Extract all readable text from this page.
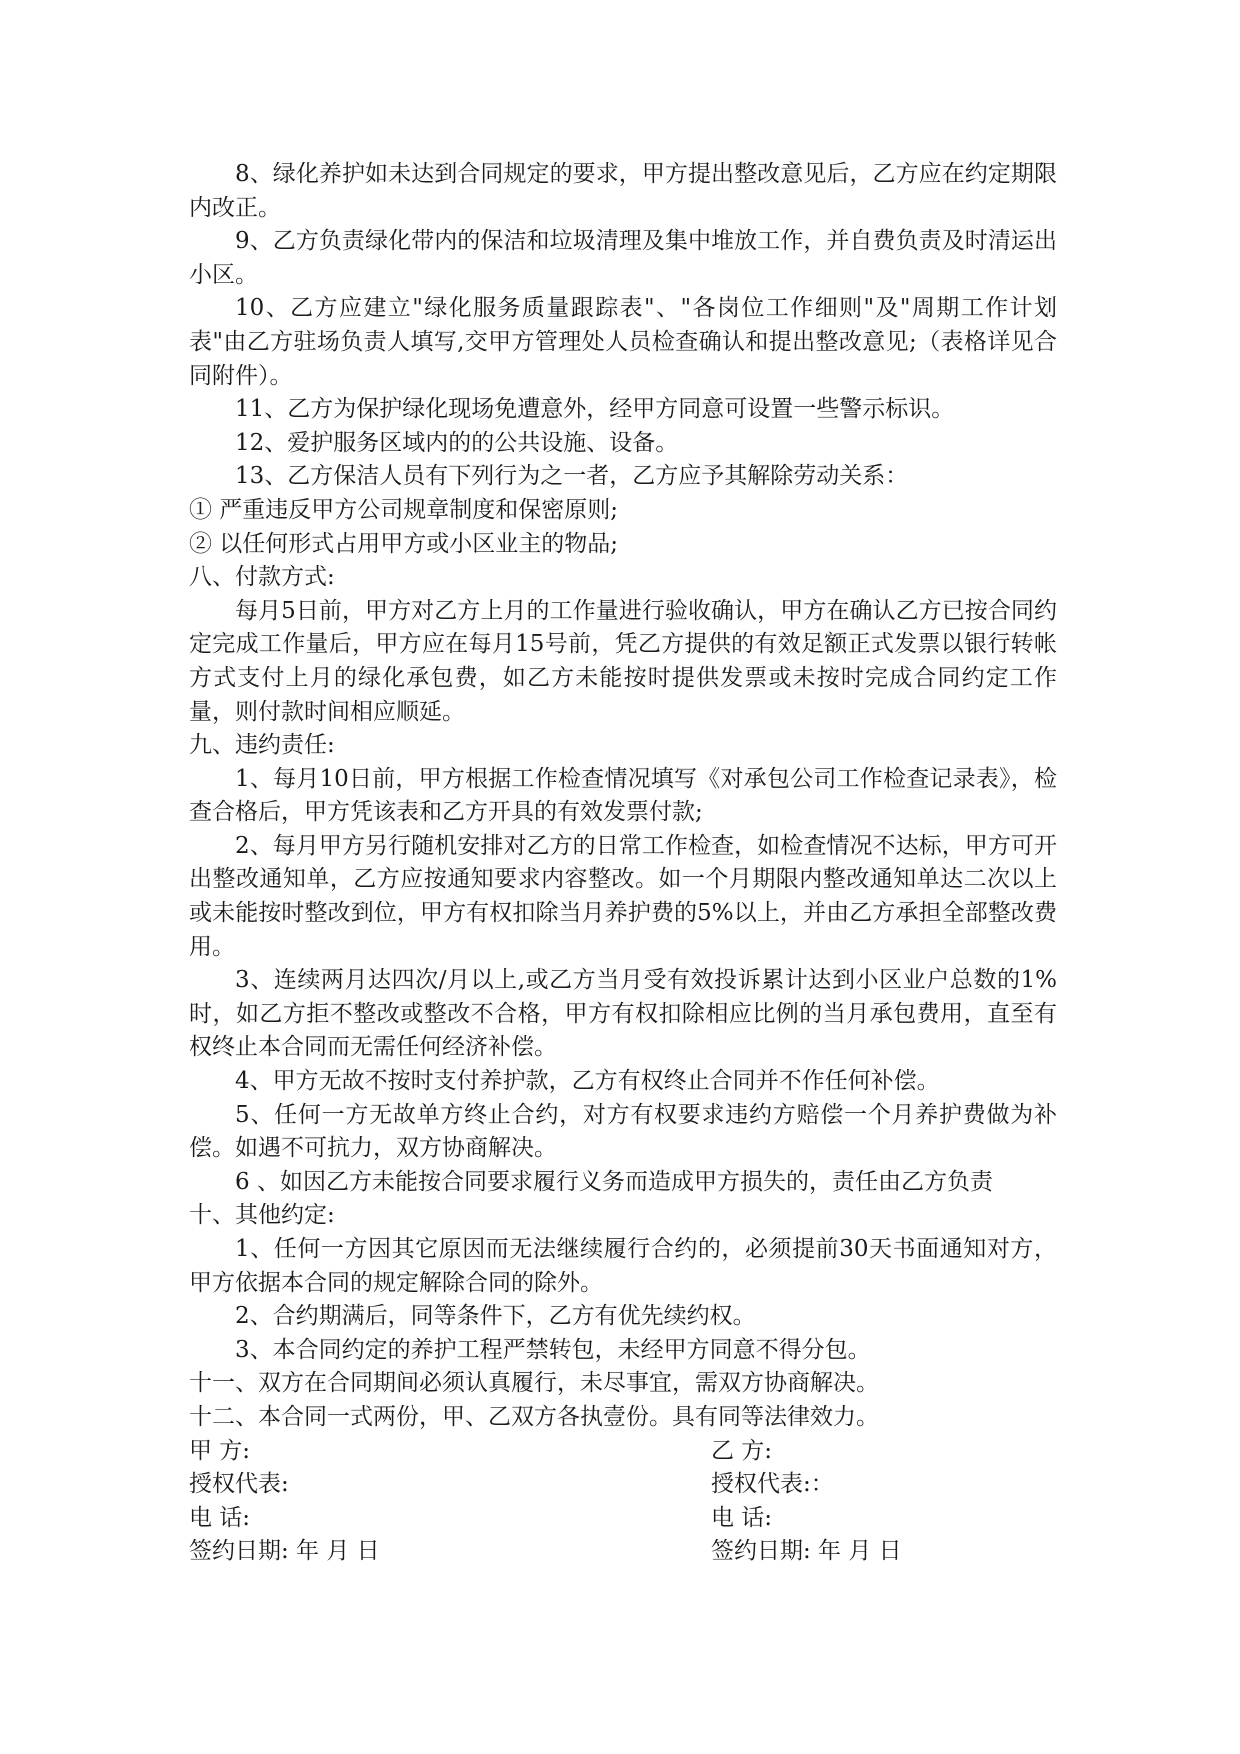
8、绿化养护如未达到合同规定的要求，甲方提出整改意见后，乙方应在约定期限内改正。

9、乙方负责绿化带内的保洁和垃圾清理及集中堆放工作，并自费负责及时清运出小区。

10、乙方应建立"绿化服务质量跟踪表"、"各岗位工作细则"及"周期工作计划表"由乙方驻场负责人填写,交甲方管理处人员检查确认和提出整改意见;（表格详见合同附件）。

11、乙方为保护绿化现场免遭意外，经甲方同意可设置一些警示标识。

12、爱护服务区域内的的公共设施、设备。

13、乙方保洁人员有下列行为之一者，乙方应予其解除劳动关系：

① 严重违反甲方公司规章制度和保密原则;

② 以任何形式占用甲方或小区业主的物品;

八、付款方式:

每月5日前，甲方对乙方上月的工作量进行验收确认，甲方在确认乙方已按合同约定完成工作量后，甲方应在每月15号前，凭乙方提供的有效足额正式发票以银行转帐方式支付上月的绿化承包费，如乙方未能按时提供发票或未按时完成合同约定工作量，则付款时间相应顺延。

九、违约责任:

1、每月10日前，甲方根据工作检查情况填写《对承包公司工作检查记录表》，检查合格后，甲方凭该表和乙方开具的有效发票付款;

2、每月甲方另行随机安排对乙方的日常工作检查，如检查情况不达标，甲方可开出整改通知单，乙方应按通知要求内容整改。如一个月期限内整改通知单达二次以上或未能按时整改到位，甲方有权扣除当月养护费的5%以上，并由乙方承担全部整改费用。

3、连续两月达四次/月以上,或乙方当月受有效投诉累计达到小区业户总数的1%时，如乙方拒不整改或整改不合格，甲方有权扣除相应比例的当月承包费用，直至有权终止本合同而无需任何经济补偿。

4、甲方无故不按时支付养护款，乙方有权终止合同并不作任何补偿。

5、任何一方无故单方终止合约，对方有权要求违约方赔偿一个月养护费做为补偿。如遇不可抗力，双方协商解决。

6 、如因乙方未能按合同要求履行义务而造成甲方损失的，责任由乙方负责

十、其他约定:

1、任何一方因其它原因而无法继续履行合约的，必须提前30天书面通知对方，甲方依据本合同的规定解除合同的除外。

2、合约期满后，同等条件下，乙方有优先续约权。

3、本合同约定的养护工程严禁转包，未经甲方同意不得分包。

十一、双方在合同期间必须认真履行，未尽事宜，需双方协商解决。

十二、本合同一式两份，甲、乙双方各执壹份。具有同等法律效力。

甲 方:	乙 方:
授权代表:	授权代表:：
电 话:	电 话:
签约日期: 年 月 日	签约日期: 年 月 日
